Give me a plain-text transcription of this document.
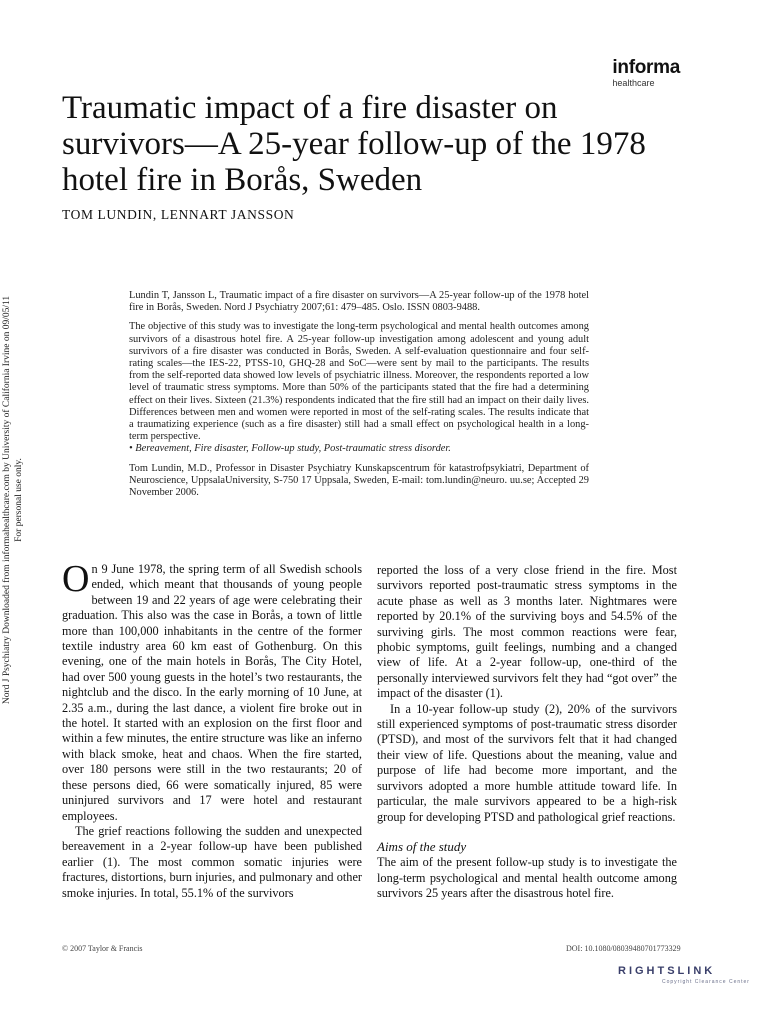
Nord J Psychiatry Downloaded from informahealthcare.com by University of California Irvine on 09/05/11 For personal use only.
informa
healthcare
Traumatic impact of a fire disaster on survivors—A 25-year follow-up of the 1978 hotel fire in Borås, Sweden
TOM LUNDIN, LENNART JANSSON

Lundin T, Jansson L, Traumatic impact of a fire disaster on survivors—A 25-year follow-up of the 1978 hotel fire in Borås, Sweden. Nord J Psychiatry 2007;61: 479–485. Oslo. ISSN 0803-9488.

The objective of this study was to investigate the long-term psychological and mental health outcomes among survivors of a disastrous hotel fire. A 25-year follow-up investigation among adolescent and young adult survivors of a fire disaster was conducted in Borås, Sweden. A self-evaluation questionnaire and four self-rating scales—the IES-22, PTSS-10, GHQ-28 and SoC—were sent by mail to the participants. The results from the self-reported data showed low levels of psychiatric illness. Moreover, the respondents reported a low level of traumatic stress symptoms. More than 50% of the participants stated that the fire had a determining effect on their lives. Sixteen (21.3%) respondents indicated that the fire still had an impact on their daily lives. Differences between men and women were reported in most of the self-rating scales. The results indicate that a traumatizing experience (such as a fire disaster) still had a small effect on psychological health in a long-term perspective.

• Bereavement, Fire disaster, Follow-up study, Post-traumatic stress disorder.

Tom Lundin, M.D., Professor in Disaster Psychiatry Kunskapscentrum för katastrofpsykiatri, Department of Neuroscience, UppsalaUniversity, S-750 17 Uppsala, Sweden, E-mail: tom.lundin@neuro. uu.se; Accepted 29 November 2006.

On 9 June 1978, the spring term of all Swedish schools ended, which meant that thousands of young people between 19 and 22 years of age were celebrating their graduation. This also was the case in Borås, a town of little more than 100,000 inhabitants in the centre of the former textile industry area 60 km east of Gothenburg. On this evening, one of the main hotels in Borås, The City Hotel, had over 500 young guests in the hotel’s two restaurants, the nightclub and the disco. In the early morning of 10 June, at 2.35 a.m., during the last dance, a violent fire broke out in the hotel. It started with an explosion on the first floor and within a few minutes, the entire structure was like an inferno with black smoke, heat and chaos. When the fire started, over 180 persons were still in the two restaurants; 20 of these persons died, 66 were somatically injured, 85 were uninjured survivors and 17 were hotel and restaurant employees.

The grief reactions following the sudden and unexpected bereavement in a 2-year follow-up have been published earlier (1). The most common somatic injuries were fractures, distortions, burn injuries, and pulmonary and other smoke injuries. In total, 55.1% of the survivors

reported the loss of a very close friend in the fire. Most survivors reported post-traumatic stress symptoms in the acute phase as well as 3 months later. Nightmares were reported by 20.1% of the surviving boys and 54.5% of the surviving girls. The most common reactions were fear, phobic symptoms, guilt feelings, numbing and a changed view of life. At a 2-year follow-up, one-third of the personally interviewed survivors felt they had “got over” the impact of the disaster (1).

In a 10-year follow-up study (2), 20% of the survivors still experienced symptoms of post-traumatic stress disorder (PTSD), and most of the survivors felt that it had changed their view of life. Questions about the meaning, value and purpose of life had become more important, and the survivors adopted a more humble attitude toward life. In particular, the male survivors appeared to be a high-risk group for developing PTSD and pathological grief reactions.

Aims of the study

The aim of the present follow-up study is to investigate the long-term psychological and mental health outcome among survivors 25 years after the disastrous hotel fire.

© 2007 Taylor & Francis	DOI: 10.1080/08039480701773329
RIGHTSLINK
Copyright Clearance Center
